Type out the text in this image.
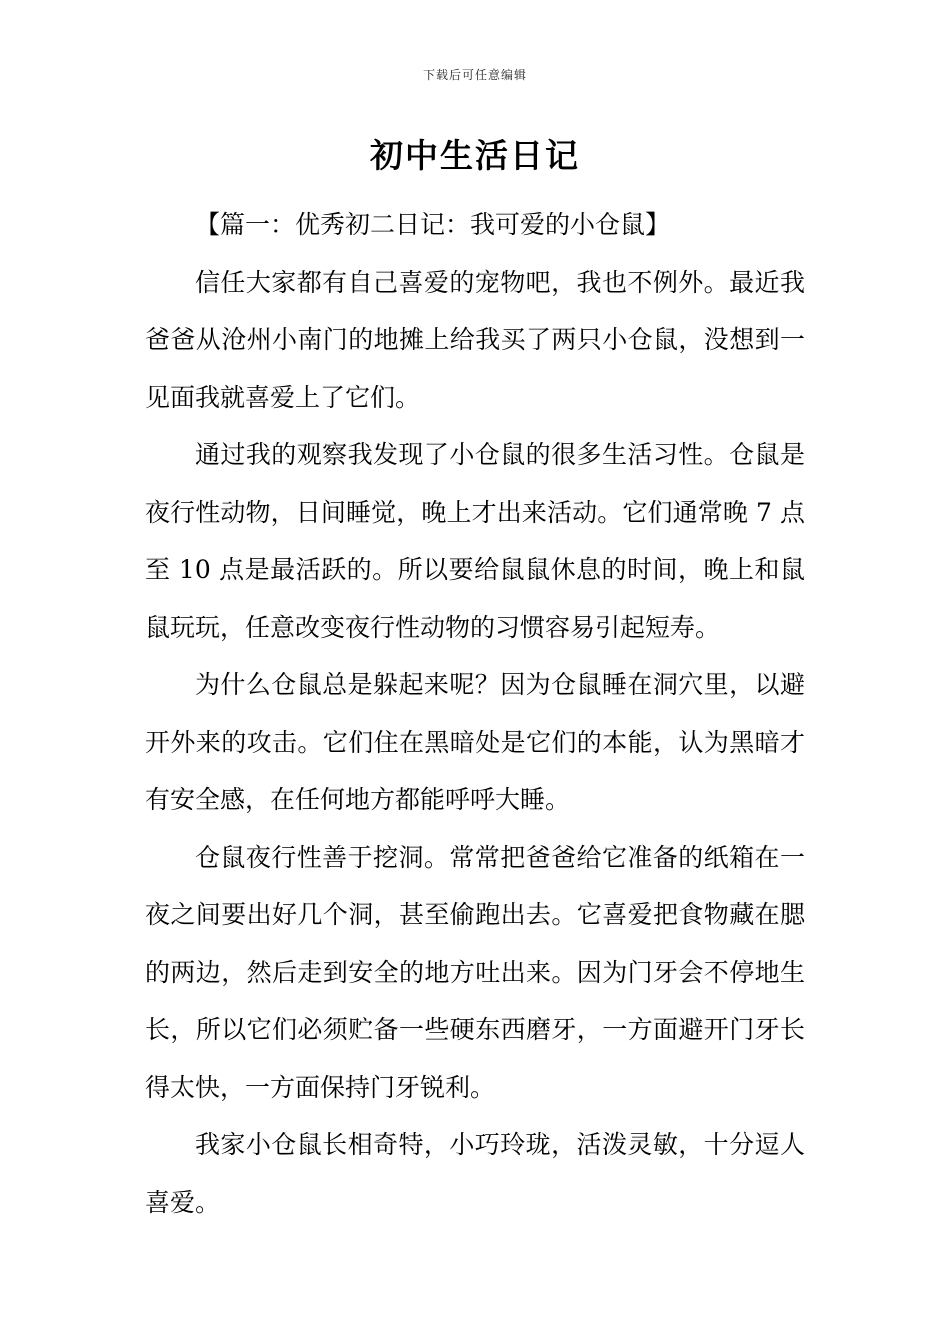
下载后可任意编辑
初中生活日记

【篇一：优秀初二日记：我可爱的小仓鼠】

信任大家都有自己喜爱的宠物吧，我也不例外。最近我爸爸从沧州小南门的地摊上给我买了两只小仓鼠，没想到一见面我就喜爱上了它们。

通过我的观察我发现了小仓鼠的很多生活习性。仓鼠是夜行性动物，日间睡觉，晚上才出来活动。它们通常晚 7 点至 10 点是最活跃的。所以要给鼠鼠休息的时间，晚上和鼠鼠玩玩，任意改变夜行性动物的习惯容易引起短寿。

为什么仓鼠总是躲起来呢？因为仓鼠睡在洞穴里，以避开外来的攻击。它们住在黑暗处是它们的本能，认为黑暗才有安全感，在任何地方都能呼呼大睡。

仓鼠夜行性善于挖洞。常常把爸爸给它准备的纸箱在一夜之间要出好几个洞，甚至偷跑出去。它喜爱把食物藏在腮的两边，然后走到安全的地方吐出来。因为门牙会不停地生长，所以它们必须贮备一些硬东西磨牙，一方面避开门牙长得太快，一方面保持门牙锐利。

我家小仓鼠长相奇特，小巧玲珑，活泼灵敏，十分逗人喜爱。
